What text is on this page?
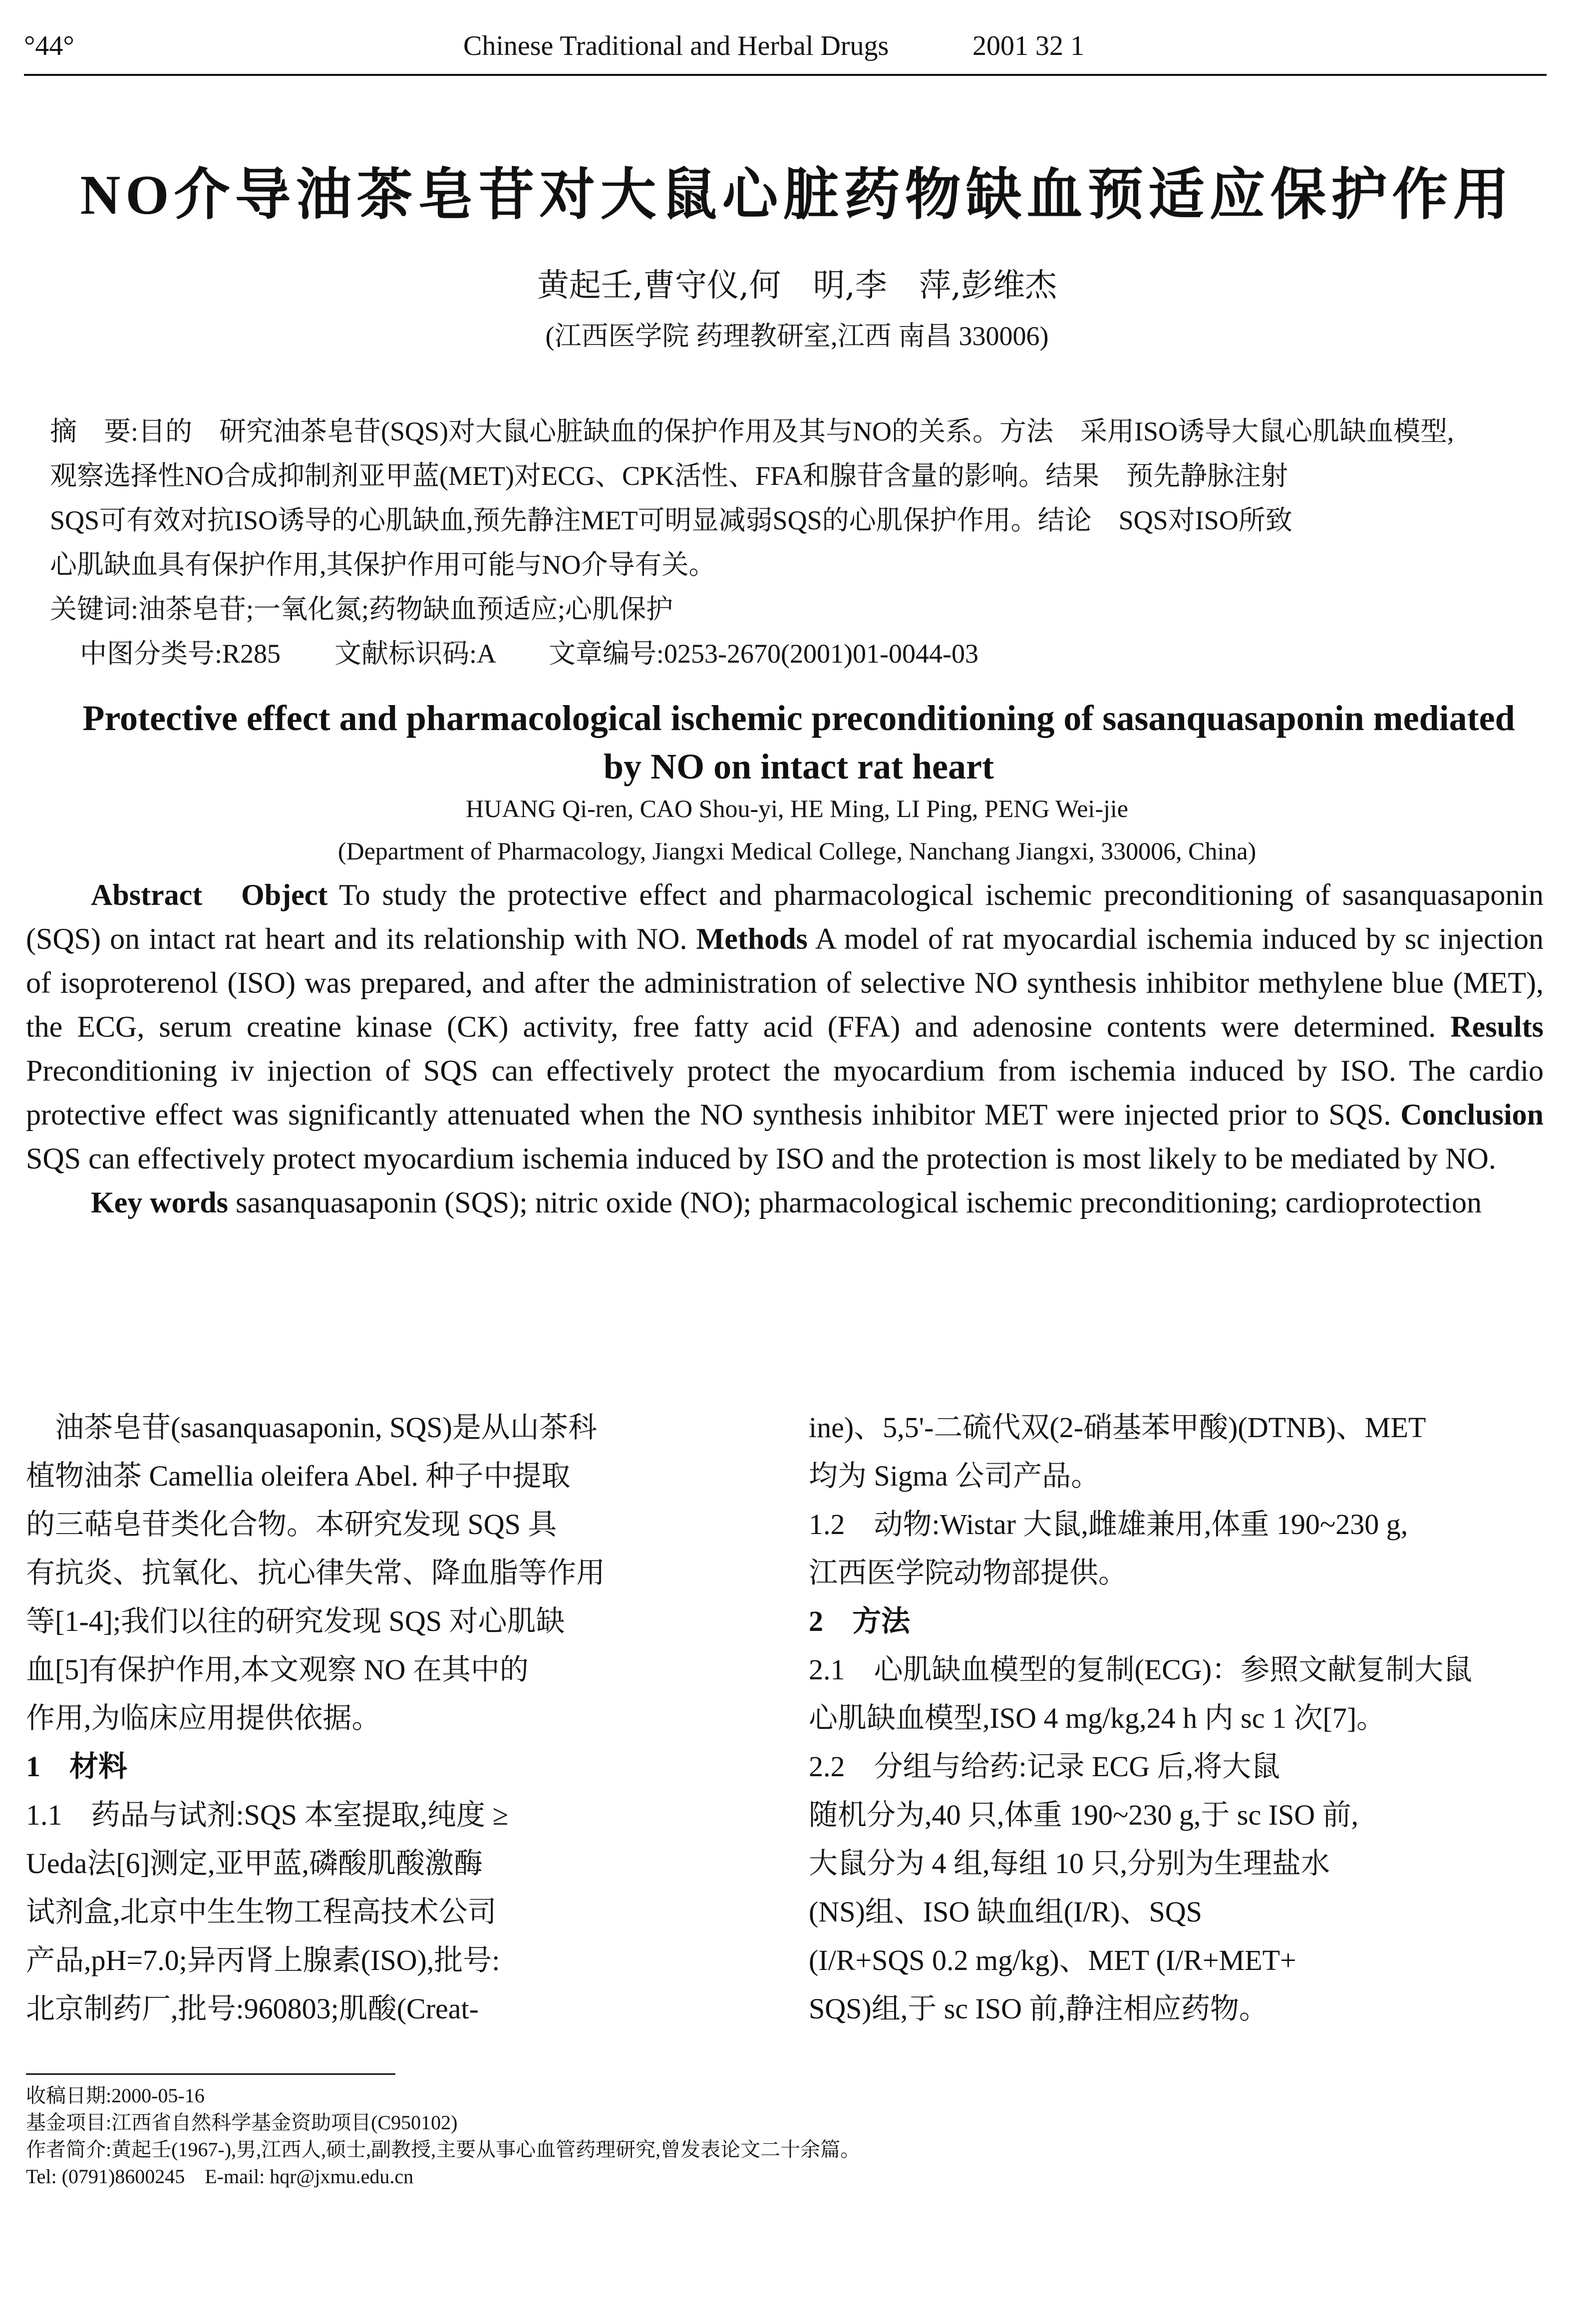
°44°	Chinese Traditional and Herbal Drugs	2001 32 1
NO介导油茶皂苷对大鼠心脏药物缺血预适应保护作用
黄起壬,曹守仪,何　明,李　萍,彭维杰
(江西医学院 药理教研室,江西 南昌 330006)
摘　要:目的　研究油茶皂苷(SQS)对大鼠心脏缺血的保护作用及其与NO的关系。方法　采用ISO诱导大鼠心肌缺血模型,
观察选择性NO合成抑制剂亚甲蓝(MET)对ECG、CPK活性、FFA和腺苷含量的影响。结果　预先静脉注射
SQS可有效对抗ISO诱导的心肌缺血,预先静注MET可明显减弱SQS的心肌保护作用。结论　SQS对ISO所致
心肌缺血具有保护作用,其保护作用可能与NO介导有关。
关键词:油茶皂苷;一氧化氮;药物缺血预适应;心肌保护
中图分类号:R285　　文献标识码:A　　文章编号:0253-2670(2001)01-0044-03
Protective effect and pharmacological ischemic preconditioning of sasanquasaponin mediated by NO on intact rat heart
HUANG Qi-ren, CAO Shou-yi, HE Ming, LI Ping, PENG Wei-jie
(Department of Pharmacology, Jiangxi Medical College, Nanchang Jiangxi, 330006, China)

Abstract　Object To study the protective effect and pharmacological ischemic preconditioning of sasanquasaponin (SQS) on intact rat heart and its relationship with NO. Methods A model of rat myocardial ischemia induced by sc injection of isoproterenol (ISO) was prepared, and after the administration of selective NO synthesis inhibitor methylene blue (MET), the ECG, serum creatine kinase (CK) activity, free fatty acid (FFA) and adenosine contents were determined. Results Preconditioning iv injection of SQS can effectively protect the myocardium from ischemia induced by ISO. The cardio protective effect was significantly attenuated when the NO synthesis inhibitor MET were injected prior to SQS. Conclusion SQS can effectively protect myocardium ischemia induced by ISO and the protection is most likely to be mediated by NO.

Key words sasanquasaponin (SQS); nitric oxide (NO); pharmacological ischemic preconditioning; cardioprotection

　油茶皂苷(sasanquasaponin, SQS)是从山茶科

植物油茶 Camellia oleifera Abel. 种子中提取

的三萜皂苷类化合物。本研究发现 SQS 具

有抗炎、抗氧化、抗心律失常、降血脂等作用

等[1-4];我们以往的研究发现 SQS 对心肌缺

血[5]有保护作用,本文观察 NO 在其中的

作用,为临床应用提供依据。

1　材料

1.1　药品与试剂:SQS 本室提取,纯度 ≥

Ueda法[6]测定,亚甲蓝,磷酸肌酸激酶

试剂盒,北京中生生物工程高技术公司

产品,pH=7.0;异丙肾上腺素(ISO),批号:

北京制药厂,批号:960803;肌酸(Creat-

ine)、5,5'-二硫代双(2-硝基苯甲酸)(DTNB)、MET

均为 Sigma 公司产品。

1.2　动物:Wistar 大鼠,雌雄兼用,体重 190~230 g,

江西医学院动物部提供。

2　方法

2.1　心肌缺血模型的复制(ECG)：参照文献复制大鼠

心肌缺血模型,ISO 4 mg/kg,24 h 内 sc 1 次[7]。

2.2　分组与给药:记录 ECG 后,将大鼠

随机分为,40 只,体重 190~230 g,于 sc ISO 前,

大鼠分为 4 组,每组 10 只,分别为生理盐水

(NS)组、ISO 缺血组(I/R)、SQS

(I/R+SQS 0.2 mg/kg)、MET (I/R+MET+

SQS)组,于 sc ISO 前,静注相应药物。

收稿日期:2000-05-16

基金项目:江西省自然科学基金资助项目(C950102)

作者简介:黄起壬(1967-),男,江西人,硕士,副教授,主要从事心血管药理研究,曾发表论文二十余篇。

Tel: (0791)8600245　E-mail: hqr@jxmu.edu.cn
